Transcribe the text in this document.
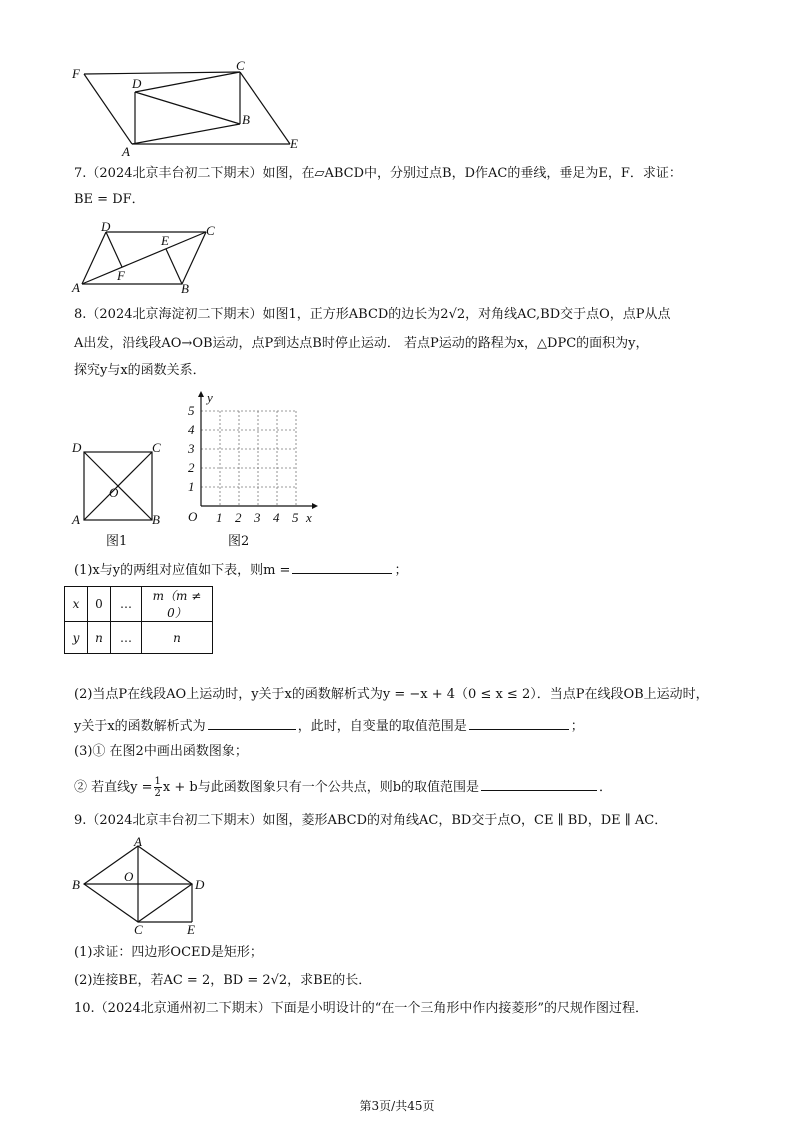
F
D
C
B
A
E
7.（2024北京丰台初二下期末）如图，在▱ABCD中，分别过点B，D作AC的垂线，垂足为E，F．求证：
BE = DF．
D
E
C
A
F
B
8.（2024北京海淀初二下期末）如图1，正方形ABCD的边长为2√2，对角线AC,BD交于点O，点P从点
A出发，沿线段AO→OB运动，点P到达点B时停止运动． 若点P运动的路程为x，△DPC的面积为y，
探究y与x的函数关系．
D	C
O
A	B
图1
y
x
O
5
4
3
2
1
1 2 3 4 5
图2
(1)x与y的两组对应值如下表，则m =	；
x	0	…	m（m ≠ 0）
y	n	…	n
(2)当点P在线段AO上运动时，y关于x的函数解析式为y = −x + 4（0 ≤ x ≤ 2）．当点P在线段OB上运动时，
y关于x的函数解析式为	，此时，自变量的取值范围是	；
(3)① 在图2中画出函数图象；
② 若直线$y = \frac{1}{2}$ x + b与此函数图象只有一个公共点，则b的取值范围是	．
9.（2024北京丰台初二下期末）如图，菱形ABCD的对角线AC，BD交于点O，CE ∥ BD，DE ∥ AC．
A
B
O
D
C	E
(1)求证：四边形OCED是矩形；
(2)连接BE，若AC = 2，BD = 2√2，求BE的长．
10.（2024北京通州初二下期末）下面是小明设计的“在一个三角形中作内接菱形”的尺规作图过程．
第3页/共45页
